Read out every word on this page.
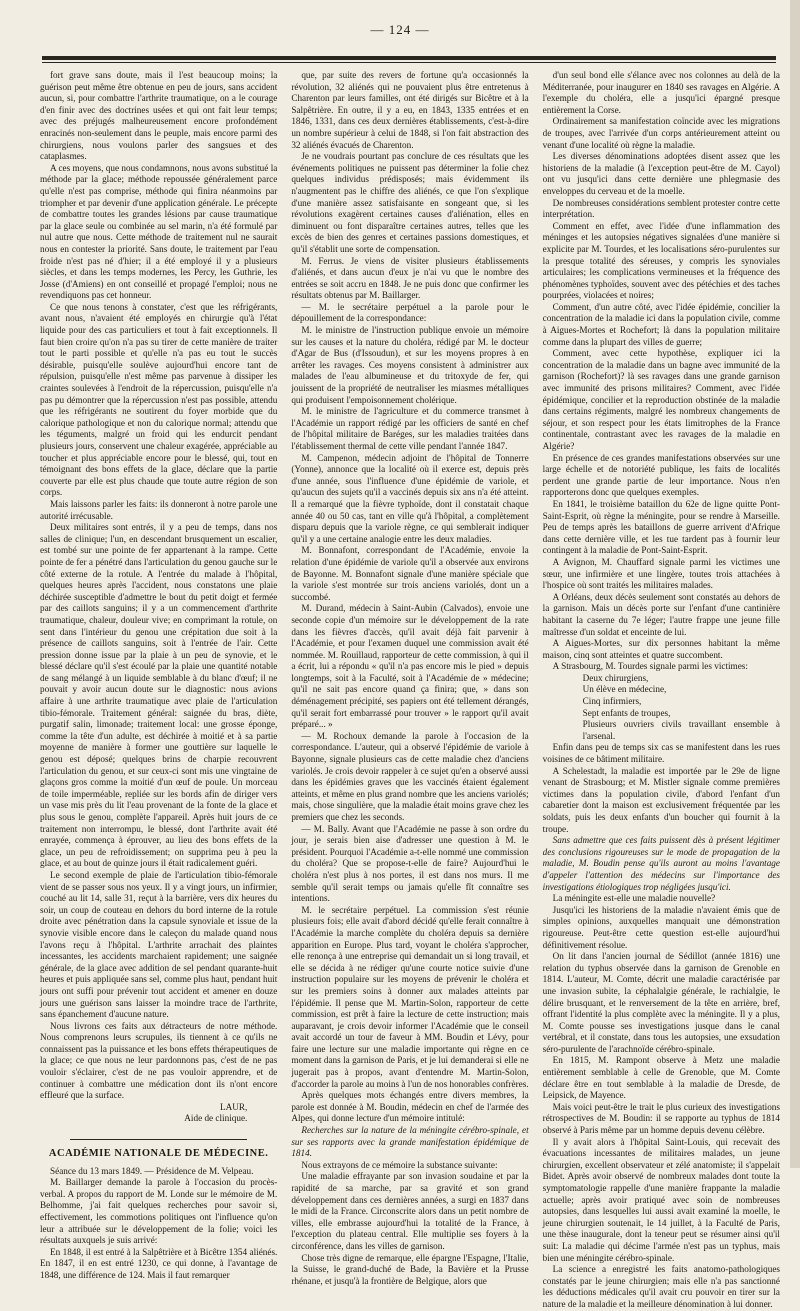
— 124 —

fort grave sans doute, mais il l'est beaucoup moins; la guérison peut même être obtenue en peu de jours, sans accident aucun, si, pour combattre l'arthrite traumatique, on a le courage d'en finir avec des doctrines usées et qui ont fait leur temps; avec des préjugés malheureusement encore profondément enracinés non-seulement dans le peuple, mais encore parmi des chirurgiens, nous voulons parler des sangsues et des cataplasmes.

A ces moyens, que nous condamnons, nous avons substitué la méthode par la glace; méthode repoussée généralement parce qu'elle n'est pas comprise, méthode qui finira néanmoins par triompher et par devenir d'une application générale. Le précepte de combattre toutes les grandes lésions par cause traumatique par la glace seule ou combinée au sel marin, n'a été formulé par nul autre que nous. Cette méthode de traitement nul ne saurait nous en contester la priorité. Sans doute, le traitement par l'eau froide n'est pas né d'hier; il a été employé il y a plusieurs siècles, et dans les temps modernes, les Percy, les Guthrie, les Josse (d'Amiens) en ont conseillé et propagé l'emploi; nous ne revendiquons pas cet honneur.

Ce que nous tenons à constater, c'est que les réfrigérants, avant nous, n'avaient été employés en chirurgie qu'à l'état liquide pour des cas particuliers et tout à fait exceptionnels. Il faut bien croire qu'on n'a pas su tirer de cette manière de traiter tout le parti possible et qu'elle n'a pas eu tout le succès désirable, puisqu'elle soulève aujourd'hui encore tant de répulsion, puisqu'elle n'est même pas parvenue à dissiper les craintes soulevées à l'endroit de la répercussion, puisqu'elle n'a pas pu démontrer que la répercussion n'est pas possible, attendu que les réfrigérants ne soutirent du foyer morbide que du calorique pathologique et non du calorique normal; attendu que les téguments, malgré un froid qui les endurcit pendant plusieurs jours, conservent une chaleur exagérée, appréciable au toucher et plus appréciable encore pour le blessé, qui, tout en témoignant des bons effets de la glace, déclare que la partie couverte par elle est plus chaude que toute autre région de son corps.

Mais laissons parler les faits: ils donneront à notre parole une autorité irrécusable.

Deux militaires sont entrés, il y a peu de temps, dans nos salles de clinique; l'un, en descendant brusquement un escalier, est tombé sur une pointe de fer appartenant à la rampe. Cette pointe de fer a pénétré dans l'articulation du genou gauche sur le côté externe de la rotule. A l'entrée du malade à l'hôpital, quelques heures après l'accident, nous constatons une plaie déchirée susceptible d'admettre le bout du petit doigt et fermée par des caillots sanguins; il y a un commencement d'arthrite traumatique, chaleur, douleur vive; en comprimant la rotule, on sent dans l'intérieur du genou une crépitation due soit à la présence de caillots sanguins, soit à l'entrée de l'air. Cette pression donne issue par la plaie à un peu de synovie, et le blessé déclare qu'il s'est écoulé par la plaie une quantité notable de sang mélangé à un liquide semblable à du blanc d'œuf; il ne pouvait y avoir aucun doute sur le diagnostic: nous avions affaire à une arthrite traumatique avec plaie de l'articulation tibio-fémorale. Traitement général: saignée du bras, diète, purgatif salin, limonade; traitement local: une grosse éponge, comme la tête d'un adulte, est déchirée à moitié et à sa partie moyenne de manière à former une gouttière sur laquelle le genou est déposé; quelques brins de charpie recouvrent l'articulation du genou, et sur ceux-ci sont mis une vingtaine de glaçons gros comme la moitié d'un œuf de poule. Un morceau de toile imperméable, repliée sur les bords afin de diriger vers un vase mis près du lit l'eau provenant de la fonte de la glace et plus sous le genou, complète l'appareil. Après huit jours de ce traitement non interrompu, le blessé, dont l'arthrite avait été enrayée, commença à éprouver, au lieu des bons effets de la glace, un peu de refroidissement; on supprima peu à peu la glace, et au bout de quinze jours il était radicalement guéri.

Le second exemple de plaie de l'articulation tibio-fémorale vient de se passer sous nos yeux. Il y a vingt jours, un infirmier, couché au lit 14, salle 31, reçut à la barrière, vers dix heures du soir, un coup de couteau en dehors du bord interne de la rotule droite avec pénétration dans la capsule synoviale et issue de la synovie visible encore dans le caleçon du malade quand nous l'avons reçu à l'hôpital. L'arthrite arrachait des plaintes incessantes, les accidents marchaient rapidement; une saignée générale, de la glace avec addition de sel pendant quarante-huit heures et puis appliquée sans sel, comme plus haut, pendant huit jours ont suffi pour prévenir tout accident et amener en douze jours une guérison sans laisser la moindre trace de l'arthrite, sans épanchement d'aucune nature.

Nous livrons ces faits aux détracteurs de notre méthode. Nous comprenons leurs scrupules, ils tiennent à ce qu'ils ne connaissent pas la puissance et les bons effets thérapeutiques de la glace; ce que nous ne leur pardonnons pas, c'est de ne pas vouloir s'éclairer, c'est de ne pas vouloir apprendre, et de continuer à combattre une médication dont ils n'ont encore effleuré que la surface.

LAUR,

Aide de clinique.

ACADÉMIE NATIONALE DE MÉDECINE.

Séance du 13 mars 1849. — Présidence de M. Velpeau.

M. Baillarger demande la parole à l'occasion du procès-verbal. A propos du rapport de M. Londe sur le mémoire de M. Belhomme, j'ai fait quelques recherches pour savoir si, effectivement, les commotions politiques ont l'influence qu'on leur a attribuée sur le développement de la folie; voici les résultats auxquels je suis arrivé:

En 1848, il est entré à la Salpêtrière et à Bicêtre 1354 aliénés. En 1847, il en est entré 1230, ce qui donne, à l'avantage de 1848, une différence de 124. Mais il faut remarquer

que, par suite des revers de fortune qu'a occasionnés la révolution, 32 aliénés qui ne pouvaient plus être entretenus à Charenton par leurs familles, ont été dirigés sur Bicêtre et à la Salpêtrière. En outre, il y a eu, en 1843, 1335 entrées et en 1846, 1331, dans ces deux dernières établissements, c'est-à-dire un nombre supérieur à celui de 1848, si l'on fait abstraction des 32 aliénés évacués de Charenton.

Je ne voudrais pourtant pas conclure de ces résultats que les événements politiques ne puissent pas déterminer la folie chez quelques individus prédisposés; mais évidemment ils n'augmentent pas le chiffre des aliénés, ce que l'on s'explique d'une manière assez satisfaisante en songeant que, si les révolutions exagèrent certaines causes d'aliénation, elles en diminuent ou font disparaître certaines autres, telles que les excès de bien des genres et certaines passions domestiques, et qu'il s'établit une sorte de compensation.

M. Ferrus. Je viens de visiter plusieurs établissements d'aliénés, et dans aucun d'eux je n'ai vu que le nombre des entrées se soit accru en 1848. Je ne puis donc que confirmer les résultats obtenus par M. Baillarger.

— M. le secrétaire perpétuel a la parole pour le dépouillement de la correspondance:

M. le ministre de l'instruction publique envoie un mémoire sur les causes et la nature du choléra, rédigé par M. le docteur d'Agar de Bus (d'Issoudun), et sur les moyens propres à en arrêter les ravages. Ces moyens consistent à administrer aux malades de l'eau albumineuse et du tritoxyde de fer, qui jouissent de la propriété de neutraliser les miasmes métalliques qui produisent l'empoisonnement cholérique.

M. le ministre de l'agriculture et du commerce transmet à l'Académie un rapport rédigé par les officiers de santé en chef de l'hôpital militaire de Baréges, sur les maladies traitées dans l'établissement thermal de cette ville pendant l'année 1847.

M. Campenon, médecin adjoint de l'hôpital de Tonnerre (Yonne), annonce que la localité où il exerce est, depuis près d'une année, sous l'influence d'une épidémie de variole, et qu'aucun des sujets qu'il a vaccinés depuis six ans n'a été atteint. Il a remarqué que la fièvre typhoïde, dont il constatait chaque année 40 ou 50 cas, tant en ville qu'à l'hôpital, a complètement disparu depuis que la variole règne, ce qui semblerait indiquer qu'il y a une certaine analogie entre les deux maladies.

M. Bonnafont, correspondant de l'Académie, envoie la relation d'une épidémie de variole qu'il a observée aux environs de Bayonne. M. Bonnafont signale d'une manière spéciale que la variole s'est montrée sur trois anciens variolés, dont un a succombé.

M. Durand, médecin à Saint-Aubin (Calvados), envoie une seconde copie d'un mémoire sur le développement de la rate dans les fièvres d'accès, qu'il avait déjà fait parvenir à l'Académie, et pour l'examen duquel une commission avait été nommée. M. Rouillaud, rapporteur de cette commission, à qui il a écrit, lui a répondu « qu'il n'a pas encore mis le pied » depuis longtemps, soit à la Faculté, soit à l'Académie de » médecine; qu'il ne sait pas encore quand ça finira; que, » dans son déménagement précipité, ses papiers ont été tellement dérangés, qu'il serait fort embarrassé pour trouver » le rapport qu'il avait préparé... »

— M. Rochoux demande la parole à l'occasion de la correspondance. L'auteur, qui a observé l'épidémie de variole à Bayonne, signale plusieurs cas de cette maladie chez d'anciens variolés. Je crois devoir rappeler à ce sujet qu'en a observé aussi dans les épidémies graves que les vaccinés étaient également atteints, et même en plus grand nombre que les anciens variolés; mais, chose singulière, que la maladie était moins grave chez les premiers que chez les seconds.

— M. Bally. Avant que l'Académie ne passe à son ordre du jour, je serais bien aise d'adresser une question à M. le président. Pourquoi l'Académie a-t-elle nommé une commission du choléra? Que se propose-t-elle de faire? Aujourd'hui le choléra n'est plus à nos portes, il est dans nos murs. Il me semble qu'il serait temps ou jamais qu'elle fît connaître ses intentions.

M. le secrétaire perpétuel. La commission s'est réunie plusieurs fois; elle avait d'abord décidé qu'elle ferait connaître à l'Académie la marche complète du choléra depuis sa dernière apparition en Europe. Plus tard, voyant le choléra s'approcher, elle renonça à une entreprise qui demandait un si long travail, et elle se décida à ne rédiger qu'une courte notice suivie d'une instruction populaire sur les moyens de prévenir le choléra et sur les premiers soins à donner aux malades atteints par l'épidémie. Il pense que M. Martin-Solon, rapporteur de cette commission, est prêt à faire la lecture de cette instruction; mais auparavant, je crois devoir informer l'Académie que le conseil avait accordé un tour de faveur à MM. Boudin et Lévy, pour faire une lecture sur une maladie importante qui règne en ce moment dans la garnison de Paris, et je lui demanderai si elle ne jugerait pas à propos, avant d'entendre M. Martin-Solon, d'accorder la parole au moins à l'un de nos honorables confrères.

Après quelques mots échangés entre divers membres, la parole est donnée à M. Boudin, médecin en chef de l'armée des Alpes, qui donne lecture d'un mémoire intitulé:

Recherches sur la nature de la méningite cérébro-spinale, et sur ses rapports avec la grande manifestation épidémique de 1814.

Nous extrayons de ce mémoire la substance suivante:

Une maladie effrayante par son invasion soudaine et par la rapidité de sa marche, par sa gravité et son grand développement dans ces dernières années, a surgi en 1837 dans le midi de la France. Circonscrite alors dans un petit nombre de villes, elle embrasse aujourd'hui la totalité de la France, à l'exception du plateau central. Elle multiplie ses foyers à la circonférence, dans les villes de garnison.

Chose très digne de remarque, elle épargne l'Espagne, l'Italie, la Suisse, le grand-duché de Bade, la Bavière et la Prusse rhénane, et jusqu'à la frontière de Belgique, alors que

d'un seul bond elle s'élance avec nos colonnes au delà de la Méditerranée, pour inaugurer en 1840 ses ravages en Algérie. A l'exemple du choléra, elle a jusqu'ici épargné presque entièrement la Corse.

Ordinairement sa manifestation coïncide avec les migrations de troupes, avec l'arrivée d'un corps antérieurement atteint ou venant d'une localité où règne la maladie.

Les diverses dénominations adoptées disent assez que les historiens de la maladie (à l'exception peut-être de M. Cayol) ont vu jusqu'ici dans cette dernière une phlegmasie des enveloppes du cerveau et de la moelle.

De nombreuses considérations semblent protester contre cette interprétation.

Comment en effet, avec l'idée d'une inflammation des méninges et les autopsies négatives signalées d'une manière si explicite par M. Tourdes, et les localisations séro-purulentes sur la presque totalité des séreuses, y compris les synoviales articulaires; les complications vermineuses et la fréquence des phénomènes typhoïdes, souvent avec des pétéchies et des taches pourprées, violacées et noires;

Comment, d'un autre côté, avec l'idée épidémie, concilier la concentration de la maladie ici dans la population civile, comme à Aigues-Mortes et Rochefort; là dans la population militaire comme dans la plupart des villes de guerre;

Comment, avec cette hypothèse, expliquer ici la concentration de la maladie dans un bagne avec immunité de la garnison (Rochefort)? là ses ravages dans une grande garnison avec immunité des prisons militaires? Comment, avec l'idée épidémique, concilier et la reproduction obstinée de la maladie dans certains régiments, malgré les nombreux changements de séjour, et son respect pour les états limitrophes de la France continentale, contrastant avec les ravages de la maladie en Algérie?

En présence de ces grandes manifestations observées sur une large échelle et de notoriété publique, les faits de localités perdent une grande partie de leur importance. Nous n'en rapporterons donc que quelques exemples.

En 1841, le troisième bataillon du 62e de ligne quitte Pont-Saint-Esprit, où règne la méningite, pour se rendre à Marseille. Peu de temps après les bataillons de guerre arrivent d'Afrique dans cette dernière ville, et les tue tardent pas à fournir leur contingent à la maladie de Pont-Saint-Esprit.

A Avignon, M. Chauffard signale parmi les victimes une sœur, une infirmière et une lingère, toutes trois attachées à l'hospice où sont traités les militaires malades.

A Orléans, deux décès seulement sont constatés au dehors de la garnison. Mais un décès porte sur l'enfant d'une cantinière habitant la caserne du 7e léger; l'autre frappe une jeune fille maîtresse d'un soldat et enceinte de lui.

A Aigues-Mortes, sur dix personnes habitant la même maison, cinq sont atteintes et quatre succombent.

A Strasbourg, M. Tourdes signale parmi les victimes:

Deux chirurgiens,

Un élève en médecine,

Cinq infirmiers,

Sept enfants de troupes,

Plusieurs ouvriers civils travaillant ensemble à l'arsenal.

Enfin dans peu de temps six cas se manifestent dans les rues voisines de ce bâtiment militaire.

A Schelestadt, la maladie est importée par le 29e de ligne venant de Strasbourg; et M. Mistler signale comme premières victimes dans la population civile, d'abord l'enfant d'un cabaretier dont la maison est exclusivement fréquentée par les soldats, puis les deux enfants d'un boucher qui fournit à la troupe.

Sans admettre que ces faits puissent dès à présent légitimer des conclusions rigoureuses sur le mode de propagation de la maladie, M. Boudin pense qu'ils auront au moins l'avantage d'appeler l'attention des médecins sur l'importance des investigations étiologiques trop négligées jusqu'ici.

La méningite est-elle une maladie nouvelle?

Jusqu'ici les historiens de la maladie n'avaient émis que de simples opinions, auxquelles manquait une démonstration rigoureuse. Peut-être cette question est-elle aujourd'hui définitivement résolue.

On lit dans l'ancien journal de Sédillot (année 1816) une relation du typhus observée dans la garnison de Grenoble en 1814. L'auteur, M. Comte, décrit une maladie caractérisée par une invasion subite, la céphalalgie générale, le rachialgie, le délire brusquant, et le renversement de la tête en arrière, bref, offrant l'identité la plus complète avec la méningite. Il y a plus, M. Comte pousse ses investigations jusque dans le canal vertébral, et il constate, dans tous les autopsies, une exsudation séro-purulente de l'arachnoïde cérébro-spinale.

En 1815, M. Rampont observe à Metz une maladie entièrement semblable à celle de Grenoble, que M. Comte déclare être en tout semblable à la maladie de Dresde, de Leipsick, de Mayence.

Mais voici peut-être le trait le plus curieux des investigations rétrospectives de M. Boudin: il se rapporte au typhus de 1814 observé à Paris même par un homme depuis devenu célèbre.

Il y avait alors à l'hôpital Saint-Louis, qui recevait des évacuations incessantes de militaires malades, un jeune chirurgien, excellent observateur et zélé anatomiste; il s'appelait Bidet. Après avoir observé de nombreux malades dont toute la symptomatologie rappelle d'une manière frappante la maladie actuelle; après avoir pratiqué avec soin de nombreuses autopsies, dans lesquelles lui aussi avait examiné la moelle, le jeune chirurgien soutenait, le 14 juillet, à la Faculté de Paris, une thèse inaugurale, dont la teneur peut se résumer ainsi qu'il suit: La maladie qui décime l'armée n'est pas un typhus, mais bien une méningite cérébro-spinale.

La science a enregistré les faits anatomo-pathologiques constatés par le jeune chirurgien; mais elle n'a pas sanctionné les déductions médicales qu'il avait cru pouvoir en tirer sur la nature de la maladie et la meilleure dénomination à lui donner.
